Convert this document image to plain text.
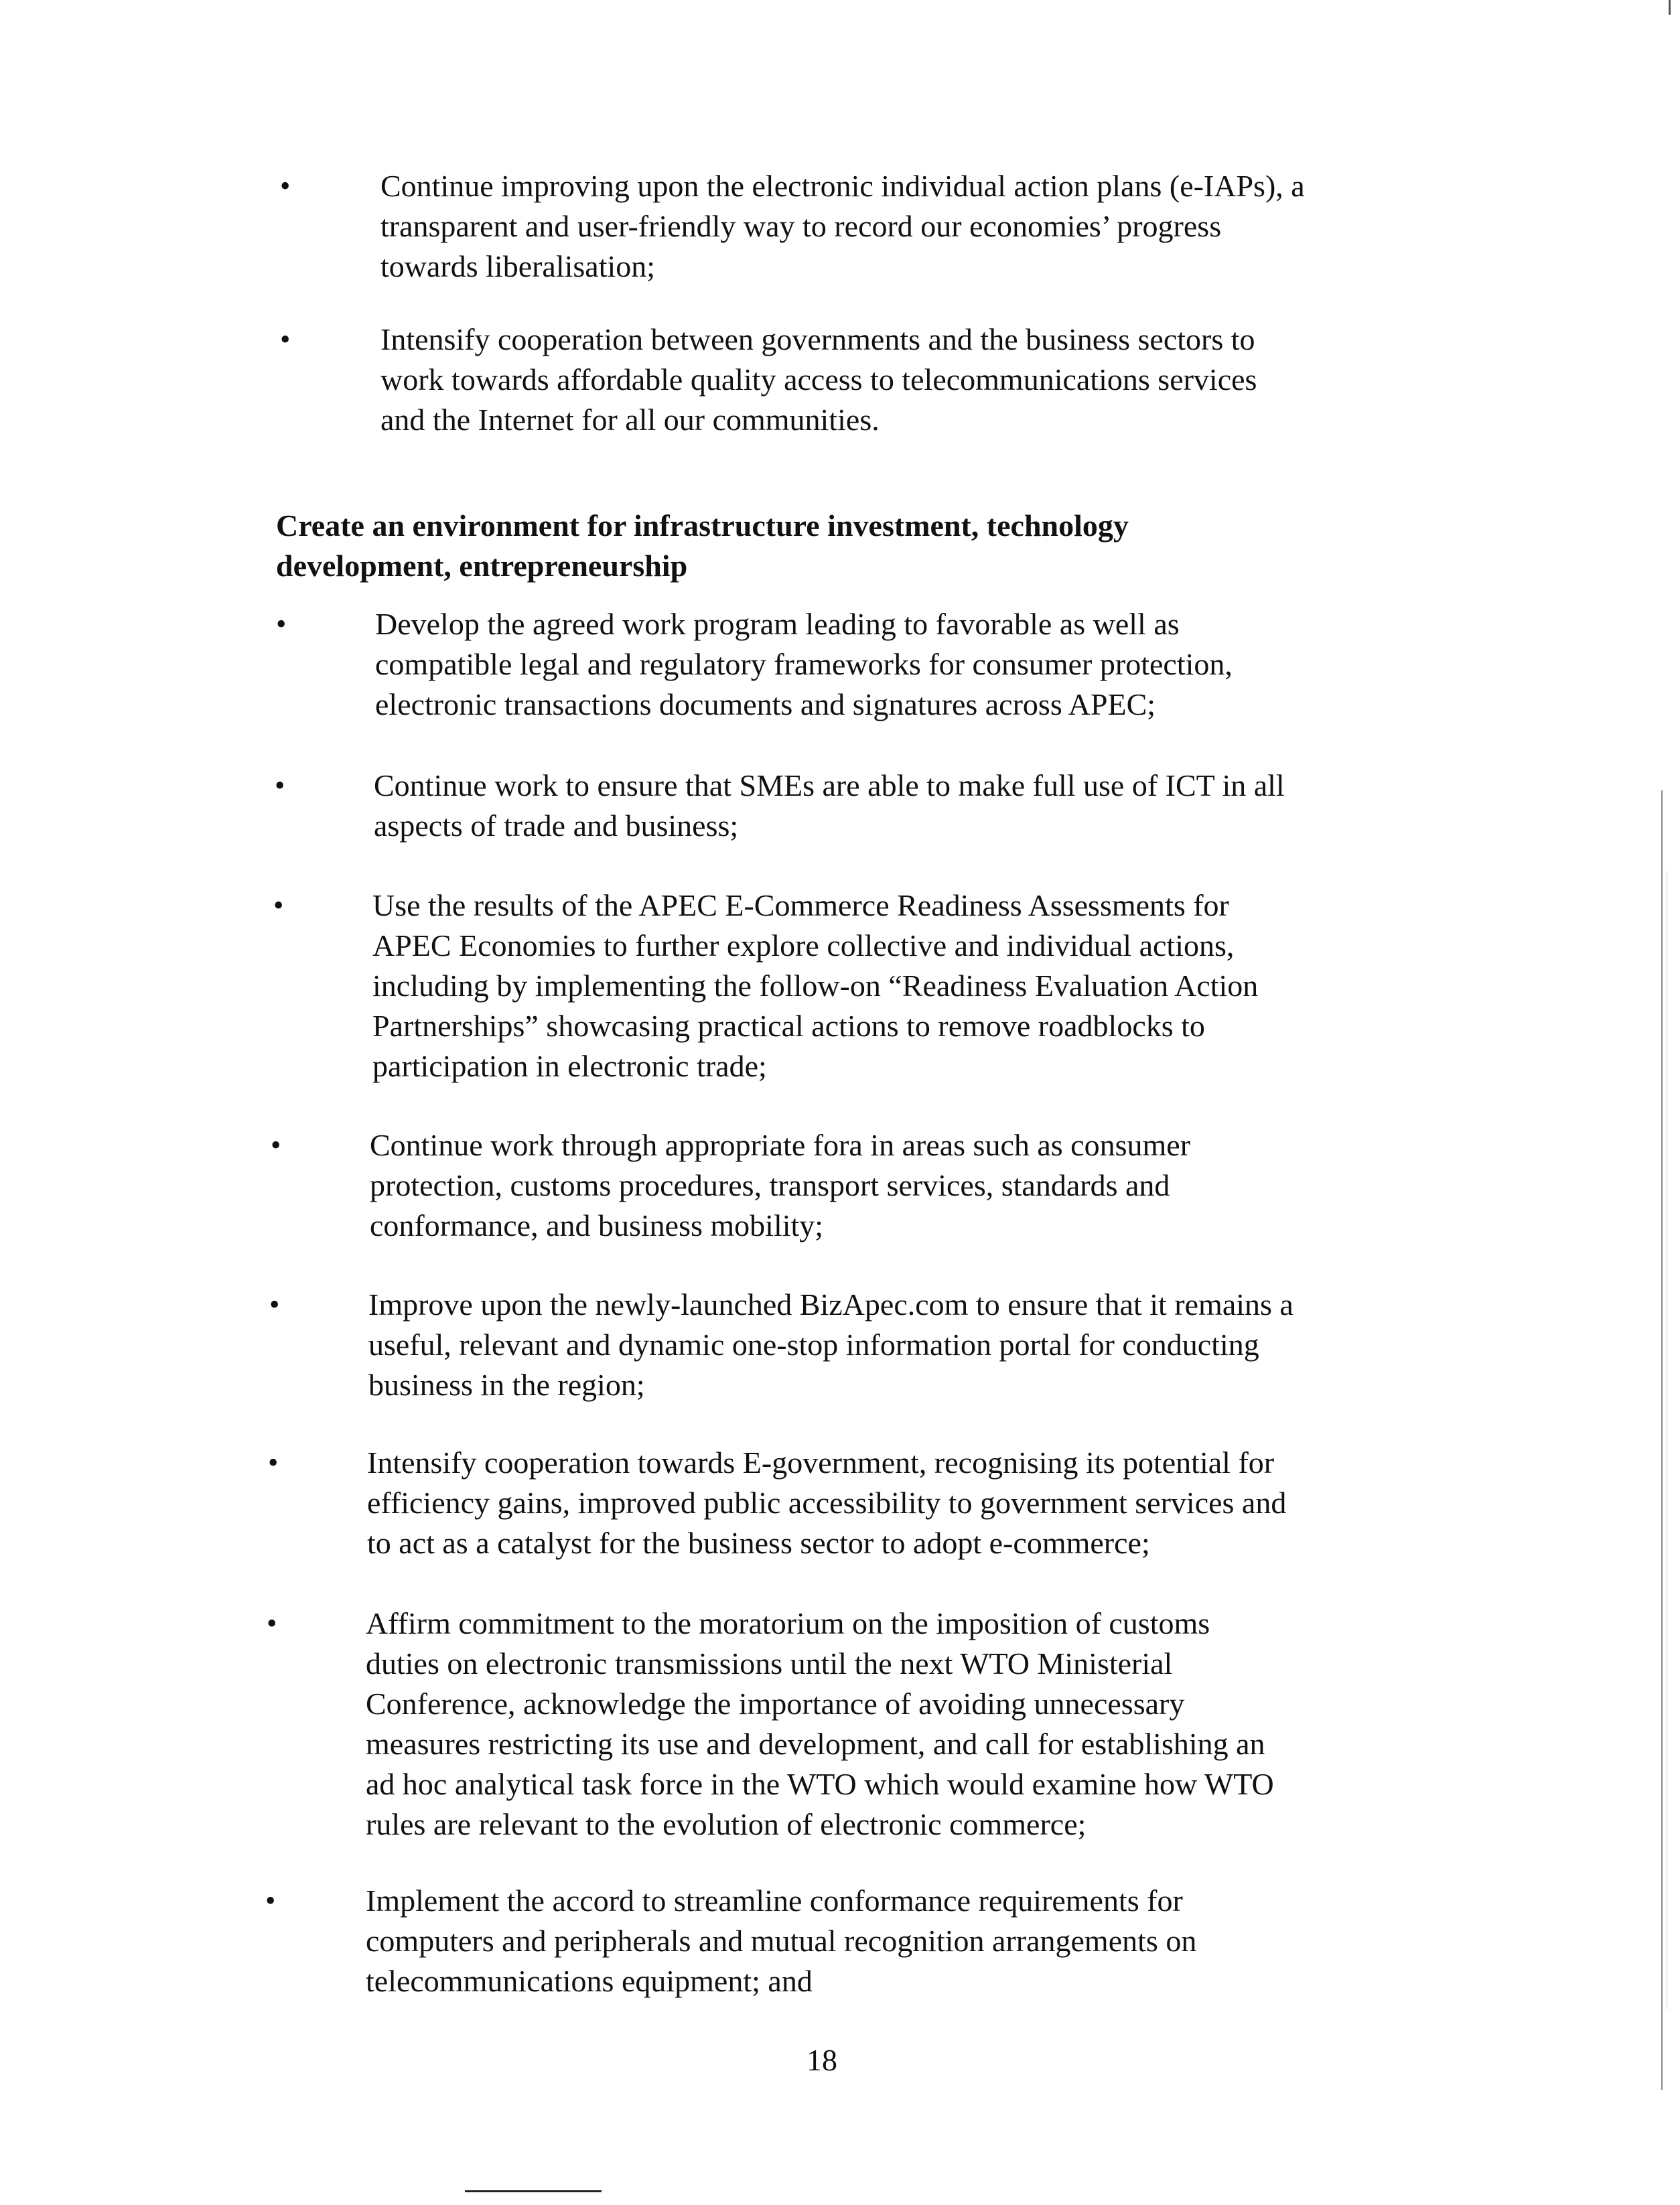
•	Continue improving upon the electronic individual action plans (e-IAPs), a
transparent and user-friendly way to record our economies’ progress
towards liberalisation;
•	Intensify cooperation between governments and the business sectors to
work towards affordable quality access to telecommunications services
and the Internet for all our communities.
Create an environment for infrastructure investment, technology
development, entrepreneurship
•	Develop the agreed work program leading to favorable as well as
compatible legal and regulatory frameworks for consumer protection,
electronic transactions documents and signatures across APEC;
•	Continue work to ensure that SMEs are able to make full use of ICT in all
aspects of trade and business;
•	Use the results of the APEC E-Commerce Readiness Assessments for
APEC Economies to further explore collective and individual actions,
including by implementing the follow-on “Readiness Evaluation Action
Partnerships” showcasing practical actions to remove roadblocks to
participation in electronic trade;
•	Continue work through appropriate fora in areas such as consumer
protection, customs procedures, transport services, standards and
conformance, and business mobility;
•	Improve upon the newly-launched BizApec.com to ensure that it remains a
useful, relevant and dynamic one-stop information portal for conducting
business in the region;
•	Intensify cooperation towards E-government, recognising its potential for
efficiency gains, improved public accessibility to government services and
to act as a catalyst for the business sector to adopt e-commerce;
•	Affirm commitment to the moratorium on the imposition of customs
duties on electronic transmissions until the next WTO Ministerial
Conference, acknowledge the importance of avoiding unnecessary
measures restricting its use and development, and call for establishing an
ad hoc analytical task force in the WTO which would examine how WTO
rules are relevant to the evolution of electronic commerce;
•	Implement the accord to streamline conformance requirements for
computers and peripherals and mutual recognition arrangements on
telecommunications equipment; and
18
